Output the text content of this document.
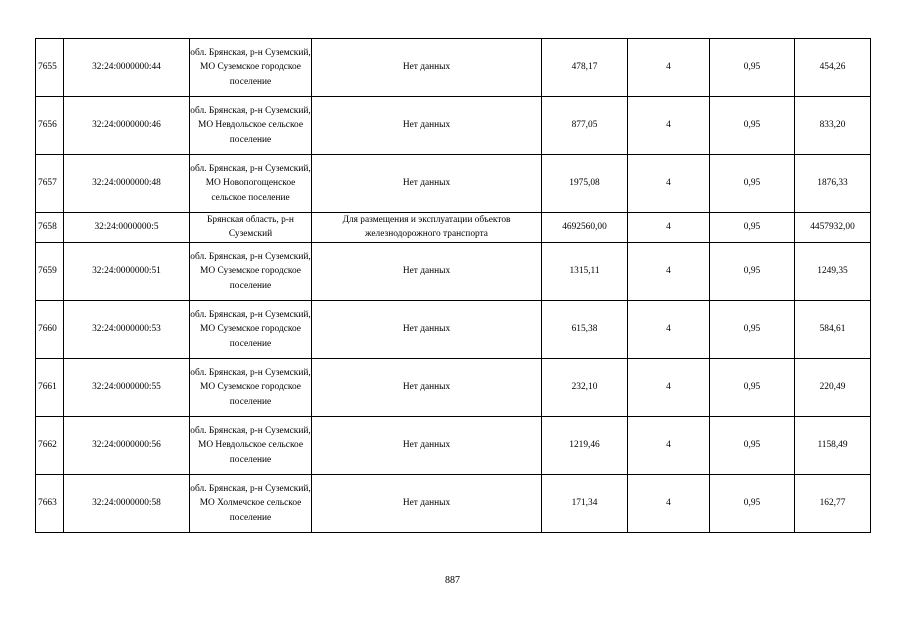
7655	32:24:0000000:44	обл. Брянская, р-н Суземский, МО Суземское городское поселение	Нет данных	478,17	4	0,95	454,26
7656	32:24:0000000:46	обл. Брянская, р-н Суземский, МО Невдольское сельское поселение	Нет данных	877,05	4	0,95	833,20
7657	32:24:0000000:48	обл. Брянская, р-н Суземский, МО Новопогощенское сельское поселение	Нет данных	1975,08	4	0,95	1876,33
7658	32:24:0000000:5	Брянская область, р-н Суземский	Для размещения и эксплуатации объектов железнодорожного транспорта	4692560,00	4	0,95	4457932,00
7659	32:24:0000000:51	обл. Брянская, р-н Суземский, МО Суземское городское поселение	Нет данных	1315,11	4	0,95	1249,35
7660	32:24:0000000:53	обл. Брянская, р-н Суземский, МО Суземское городское поселение	Нет данных	615,38	4	0,95	584,61
7661	32:24:0000000:55	обл. Брянская, р-н Суземский, МО Суземское городское поселение	Нет данных	232,10	4	0,95	220,49
7662	32:24:0000000:56	обл. Брянская, р-н Суземский, МО Невдольское сельское поселение	Нет данных	1219,46	4	0,95	1158,49
7663	32:24:0000000:58	обл. Брянская, р-н Суземский, МО Холмечское сельское поселение	Нет данных	171,34	4	0,95	162,77
887
